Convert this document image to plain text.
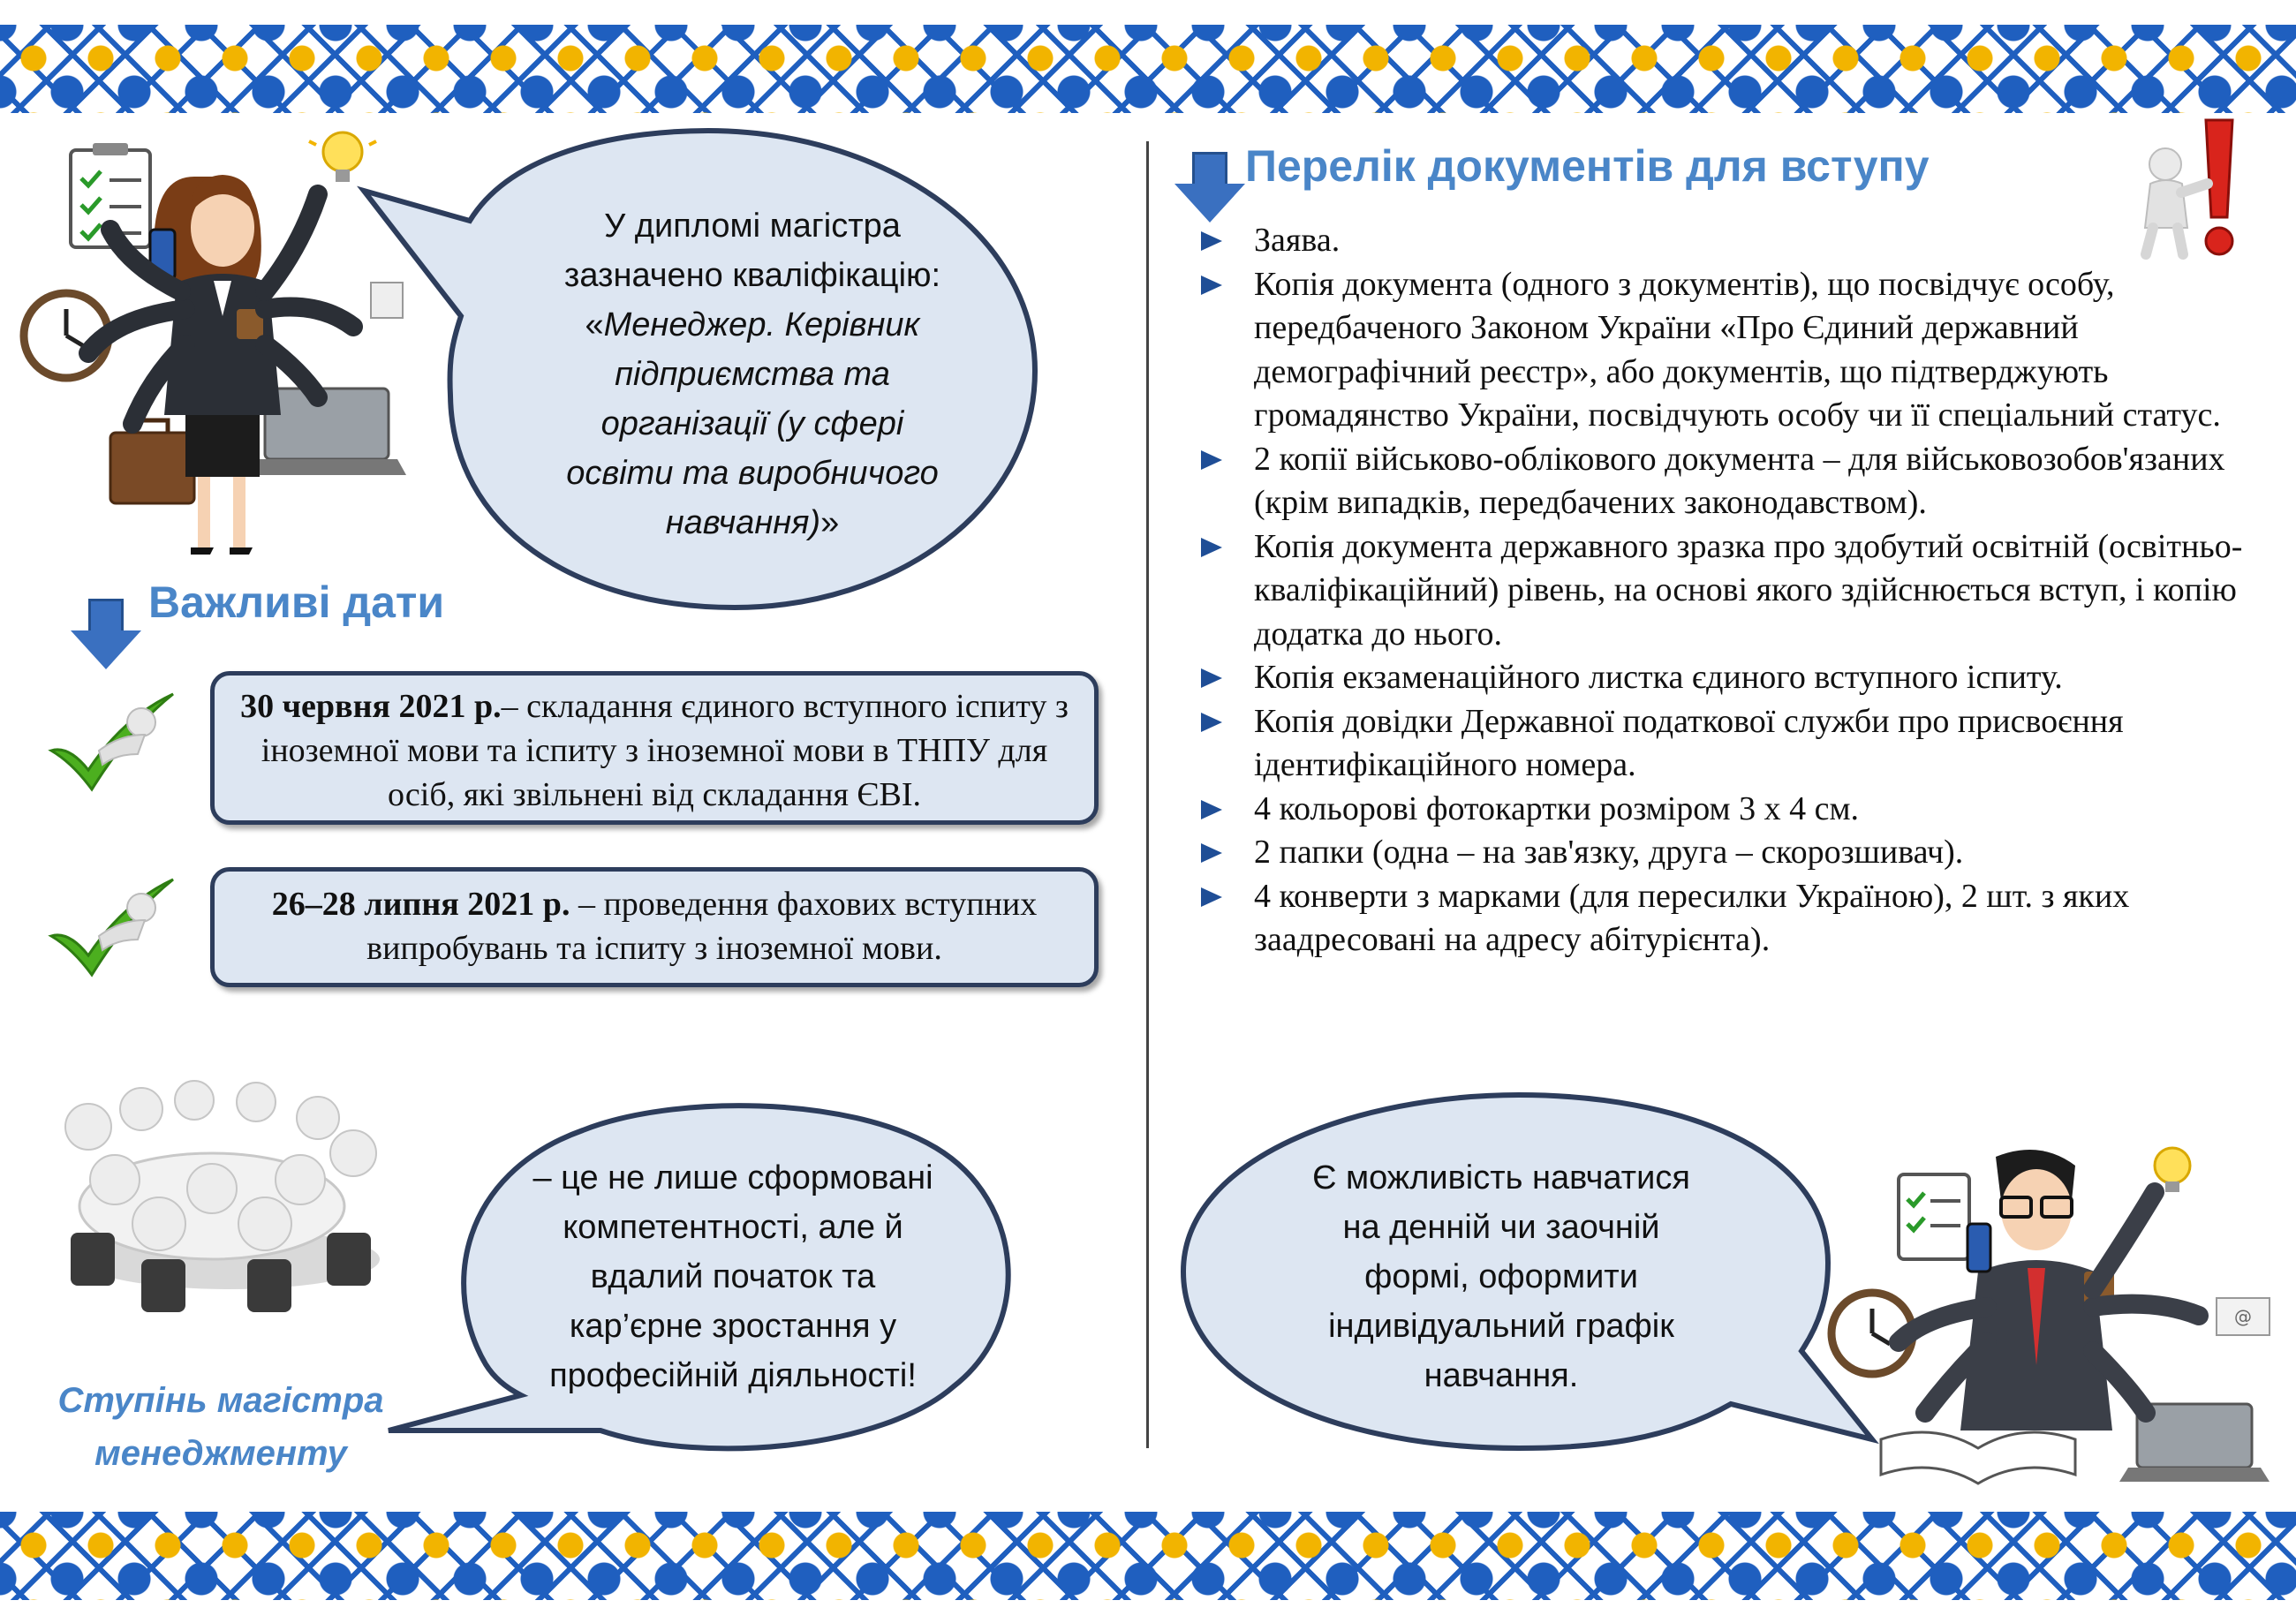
У дипломі магістра
зазначено кваліфікацію:
«Менеджер. Керівник
підприємства та
організації (у сфері
освіти та виробничого
навчання)»
Важливі дати
30 червня 2021 р.– складання єдиного вступного іспиту з іноземної мови та іспиту з іноземної мови в ТНПУ для осіб, які звільнені від складання ЄВІ.
26–28 липня 2021 р. – проведення фахових вступних випробувань та іспиту з іноземної мови.
– це не лише сформовані
компетентності, але й
вдалий початок та
кар’єрне зростання у
професійній діяльності!
Ступінь магістра
менеджменту
Перелік документів для вступу
Заява.
Копія документа (одного з документів), що посвідчує особу, передбаченого Законом України «Про Єдиний державний демографічний реєстр», або документів, що підтверджують громадянство України, посвідчують особу чи її спеціальний статус.
2 копії військово-облікового документа – для військовозобов'язаних (крім випадків, передбачених законодавством).
Копія документа державного зразка про здобутий освітній (освітньо-кваліфікаційний) рівень, на основі якого здійснюється вступ, і копію додатка до нього.
Копія екзаменаційного листка єдиного вступного іспиту.
Копія довідки Державної податкової служби про присвоєння ідентифікаційного номера.
4 кольорові фотокартки розміром 3 х 4 см.
2 папки (одна – на зав'язку, друга – скорозшивач).
4 конверти з марками (для пересилки Україною), 2 шт. з яких заадресовані на адресу абітурієнта).
Є можливість навчатися
на денній чи заочній
формі, оформити
індивідуальний графік
навчання.
@
